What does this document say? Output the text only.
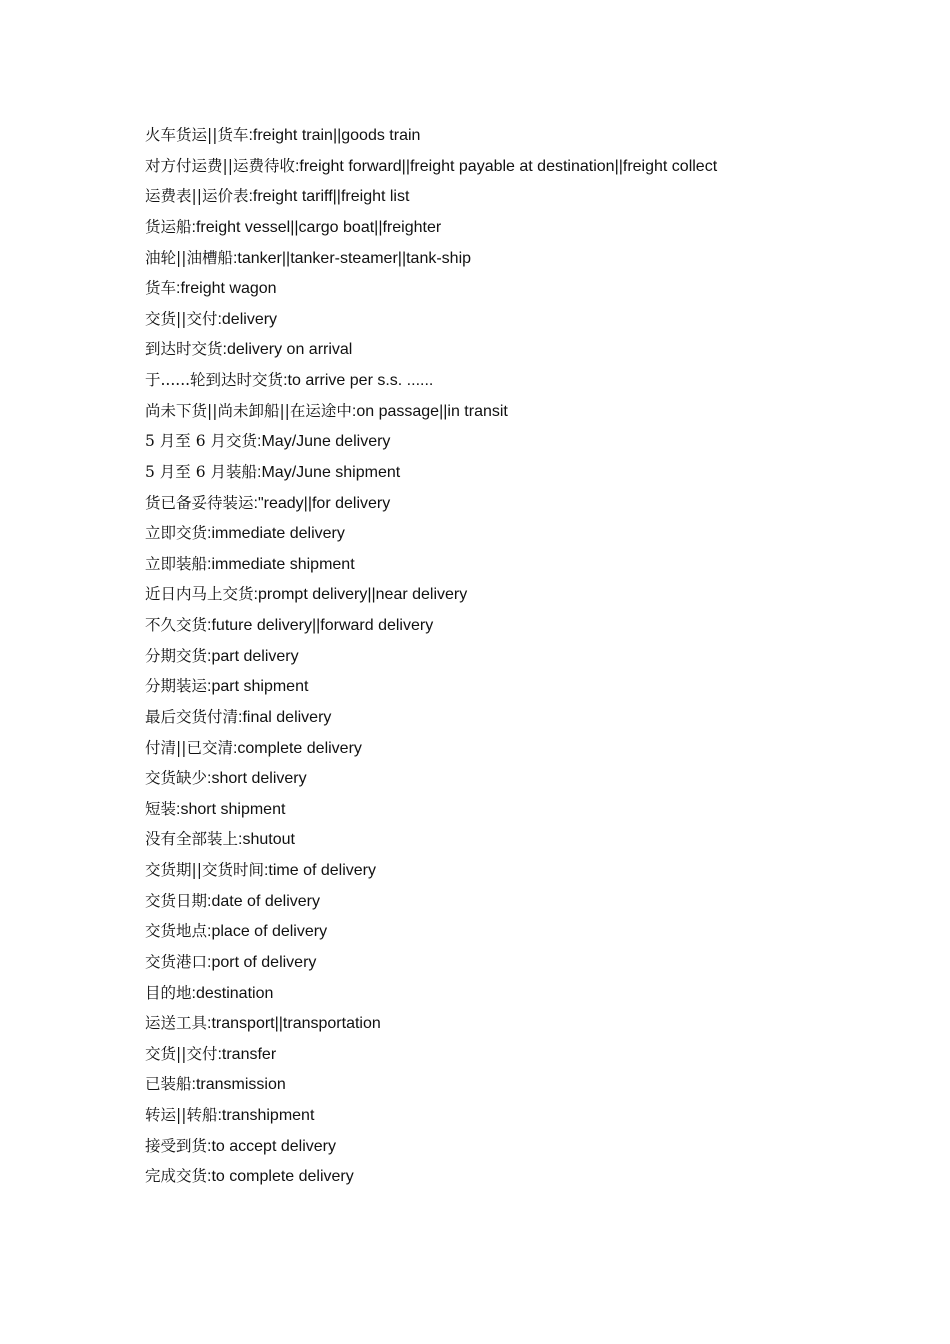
火车货运||货车:freight train||goods train
对方付运费||运费待收:freight forward||freight payable at destination||freight collect
运费表||运价表:freight tariff||freight list
货运船:freight vessel||cargo boat||freighter
油轮||油槽船:tanker||tanker-steamer||tank-ship
货车:freight wagon
交货||交付:delivery
到达时交货:delivery on arrival
于......轮到达时交货:to arrive per s.s. ......
尚未下货||尚未卸船||在运途中:on passage||in transit
5 月至 6 月交货:May/June delivery
5 月至 6 月装船:May/June shipment
货已备妥待装运:"ready||for delivery
立即交货:immediate delivery
立即装船:immediate shipment
近日内马上交货:prompt delivery||near delivery
不久交货:future delivery||forward delivery
分期交货:part delivery
分期装运:part shipment
最后交货付清:final delivery
付清||已交清:complete delivery
交货缺少:short delivery
短装:short shipment
没有全部装上:shutout
交货期||交货时间:time of delivery
交货日期:date of delivery
交货地点:place of delivery
交货港口:port of delivery
目的地:destination
运送工具:transport||transportation
交货||交付:transfer
已装船:transmission
转运||转船:transhipment
接受到货:to accept delivery
完成交货:to complete delivery
